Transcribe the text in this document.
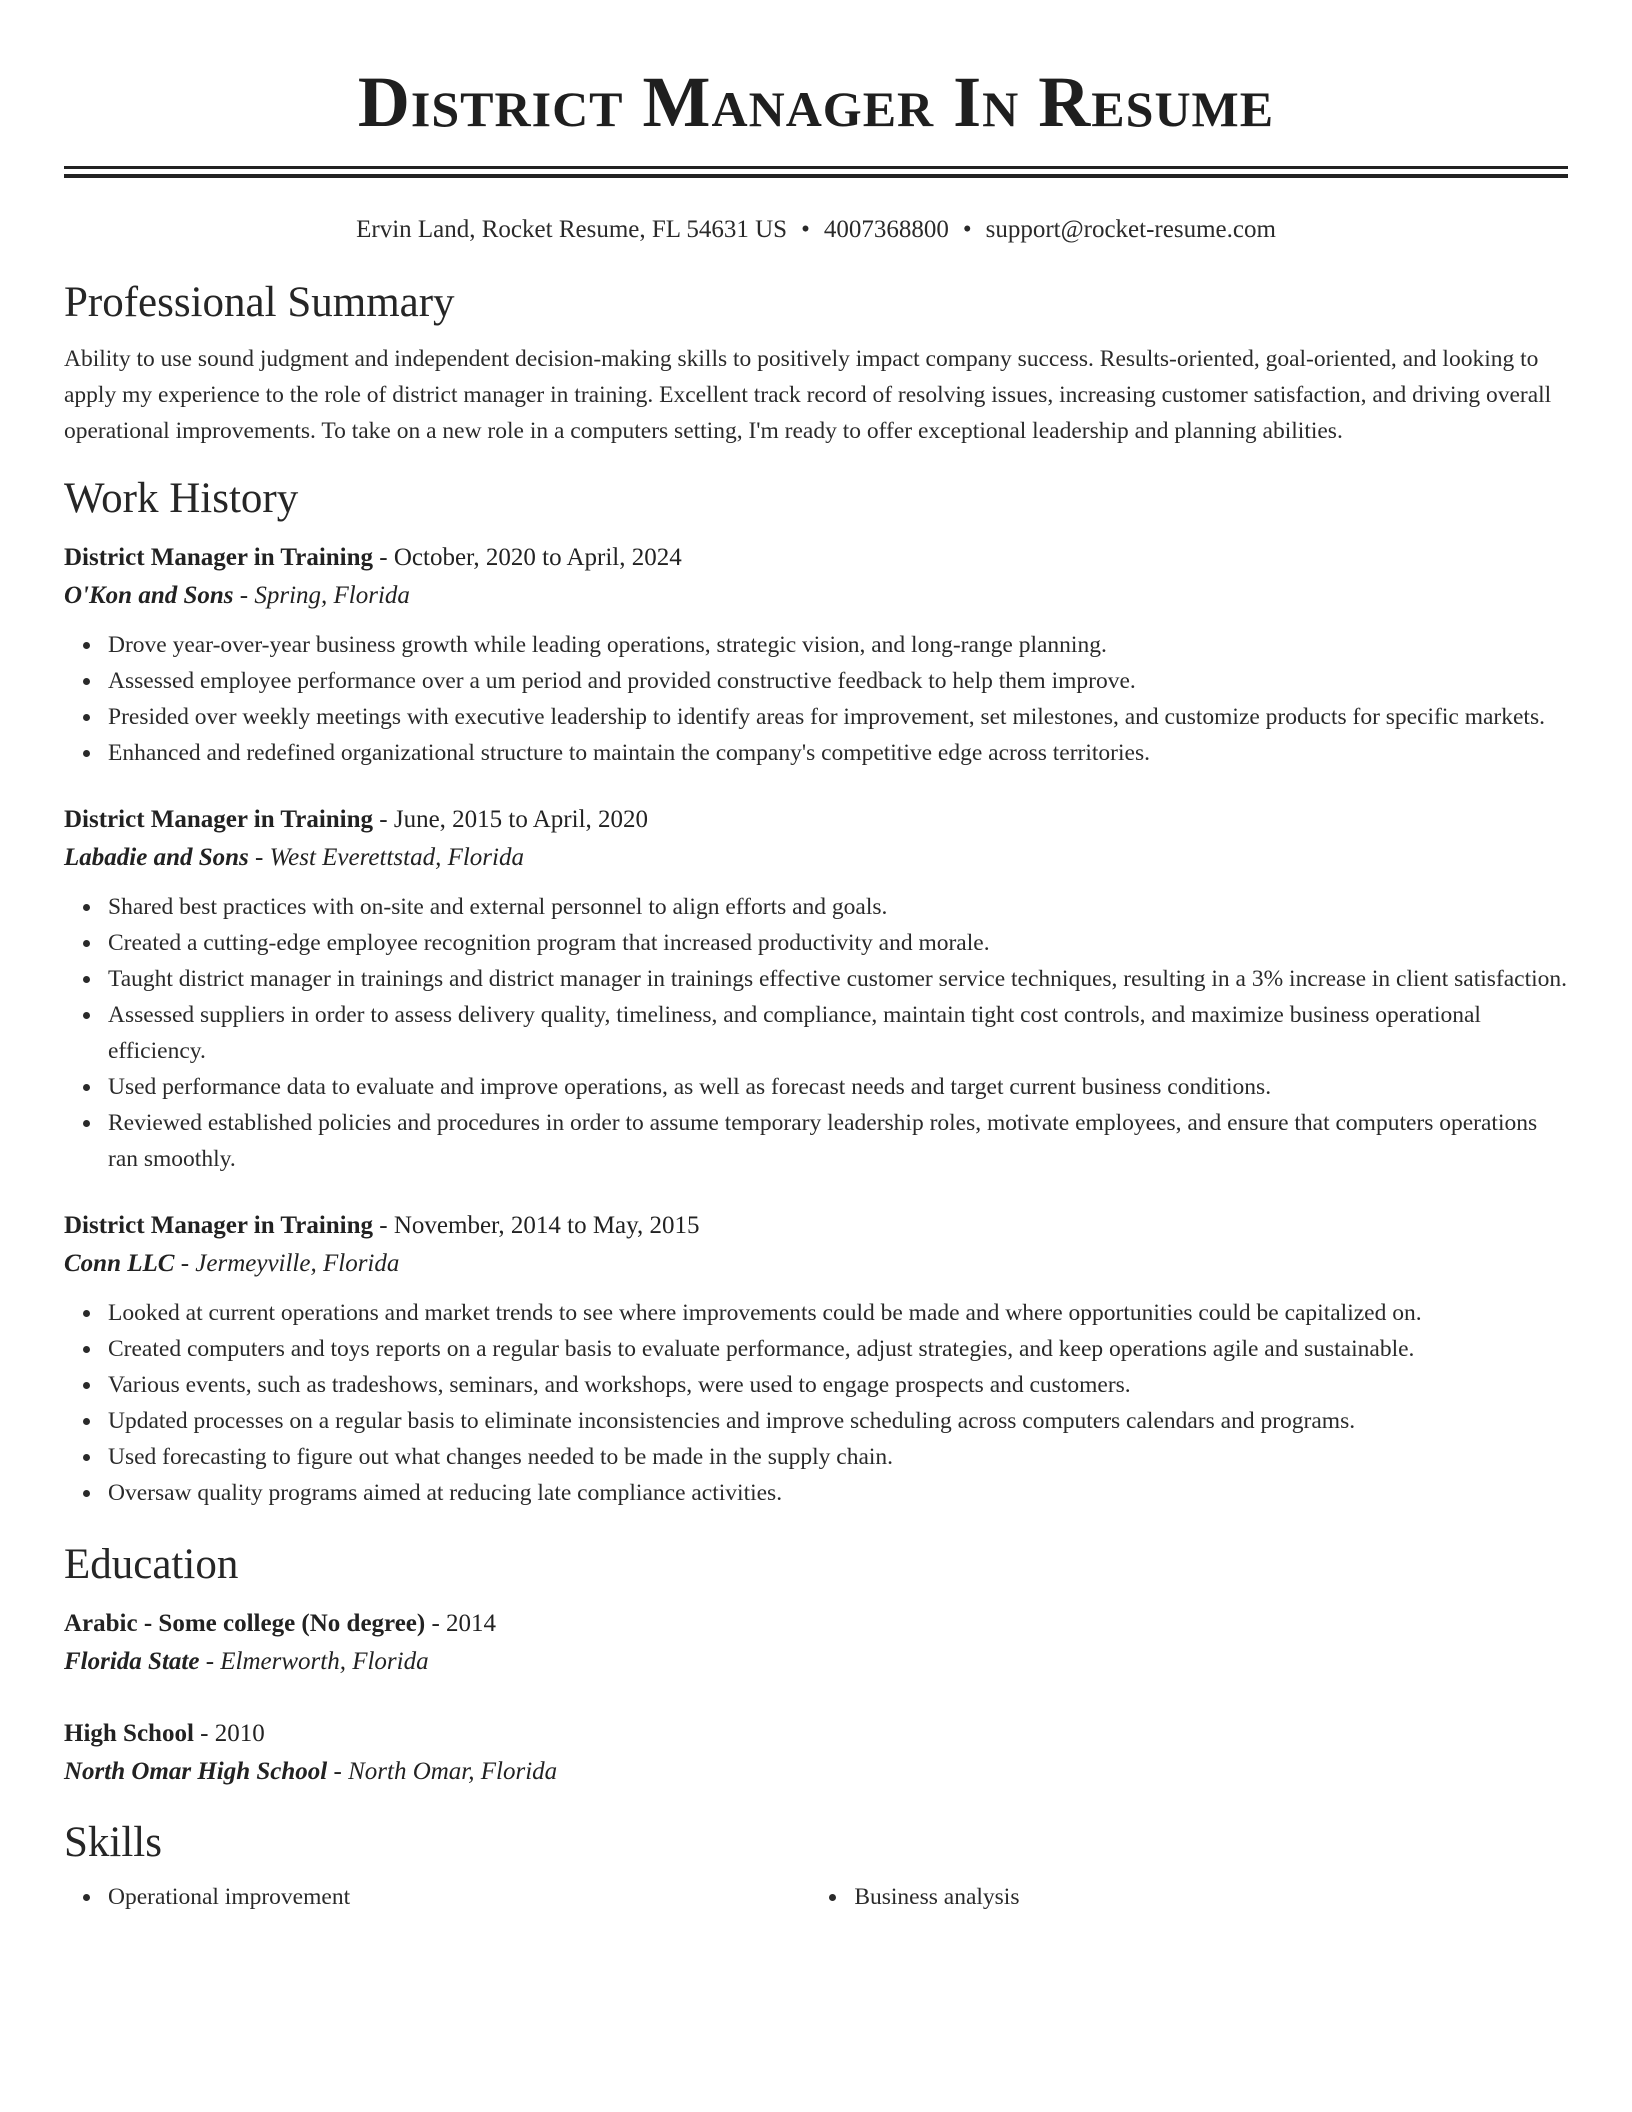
District Manager In Resume
Ervin Land, Rocket Resume, FL 54631 US • 4007368800 • support@rocket-resume.com
Professional Summary
Ability to use sound judgment and independent decision-making skills to positively impact company success. Results-oriented, goal-oriented, and looking to apply my experience to the role of district manager in training. Excellent track record of resolving issues, increasing customer satisfaction, and driving overall operational improvements. To take on a new role in a computers setting, I'm ready to offer exceptional leadership and planning abilities.
Work History
District Manager in Training - October, 2020 to April, 2024
O'Kon and Sons - Spring, Florida
Drove year-over-year business growth while leading operations, strategic vision, and long-range planning.
Assessed employee performance over a um period and provided constructive feedback to help them improve.
Presided over weekly meetings with executive leadership to identify areas for improvement, set milestones, and customize products for specific markets.
Enhanced and redefined organizational structure to maintain the company's competitive edge across territories.
District Manager in Training - June, 2015 to April, 2020
Labadie and Sons - West Everettstad, Florida
Shared best practices with on-site and external personnel to align efforts and goals.
Created a cutting-edge employee recognition program that increased productivity and morale.
Taught district manager in trainings and district manager in trainings effective customer service techniques, resulting in a 3% increase in client satisfaction.
Assessed suppliers in order to assess delivery quality, timeliness, and compliance, maintain tight cost controls, and maximize business operational efficiency.
Used performance data to evaluate and improve operations, as well as forecast needs and target current business conditions.
Reviewed established policies and procedures in order to assume temporary leadership roles, motivate employees, and ensure that computers operations ran smoothly.
District Manager in Training - November, 2014 to May, 2015
Conn LLC - Jermeyville, Florida
Looked at current operations and market trends to see where improvements could be made and where opportunities could be capitalized on.
Created computers and toys reports on a regular basis to evaluate performance, adjust strategies, and keep operations agile and sustainable.
Various events, such as tradeshows, seminars, and workshops, were used to engage prospects and customers.
Updated processes on a regular basis to eliminate inconsistencies and improve scheduling across computers calendars and programs.
Used forecasting to figure out what changes needed to be made in the supply chain.
Oversaw quality programs aimed at reducing late compliance activities.
Education
Arabic - Some college (No degree) - 2014
Florida State - Elmerworth, Florida
High School - 2010
North Omar High School - North Omar, Florida
Skills
Operational improvement	Business analysis
